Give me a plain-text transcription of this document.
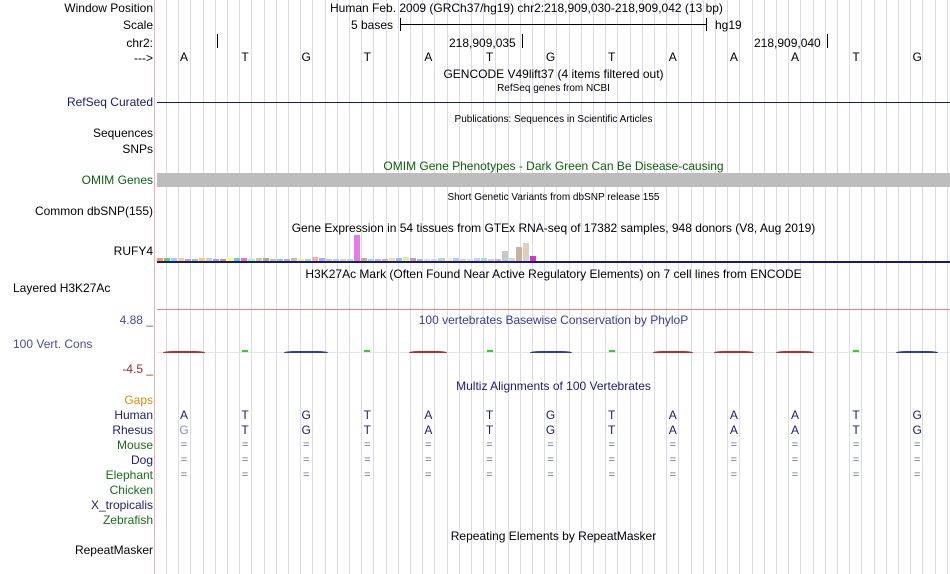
Window Position	Human Feb. 2009 (GRCh37/hg19) chr2:218,909,030-218,909,042 (13 bp)
Scale	5 bases	hg19
chr2:	218,909,035	218,909,040
---> A	T	G	T	A	T	G	T	A	A	A	T	G
GENCODE V49lift37 (4 items filtered out)
RefSeq genes from NCBI
RefSeq Curated
Publications: Sequences in Scientific Articles
Sequences
SNPs
OMIM Gene Phenotypes - Dark Green Can Be Disease-causing
OMIM Genes
Short Genetic Variants from dbSNP release 155
Common dbSNP(155)
Gene Expression in 54 tissues from GTEx RNA-seq of 17382 samples, 948 donors (V8, Aug 2019)
RUFY4
H3K27Ac Mark (Often Found Near Active Regulatory Elements) on 7 cell lines from ENCODE
Layered H3K27Ac
4.88 _	100 vertebrates Basewise Conservation by PhyloP
100 Vert. Cons
-4.5 _
Multiz Alignments of 100 Vertebrates
Gaps
Human A	T	G	T	A	T	G	T	A	A	A	T	G
Rhesus G	T	G	T	A	T	G	T	A	A	A	T	G
Mouse	=	=	=	=	=	=	=	=	=	=	=	=	=
Dog	=	=	=	=	=	=	=	=	=	=	=	=	=
Elephant	=	=	=	=	=	=	=	=	=	=	=	=	=
Chicken
X_tropicalis
Zebrafish
Repeating Elements by RepeatMasker
RepeatMasker
